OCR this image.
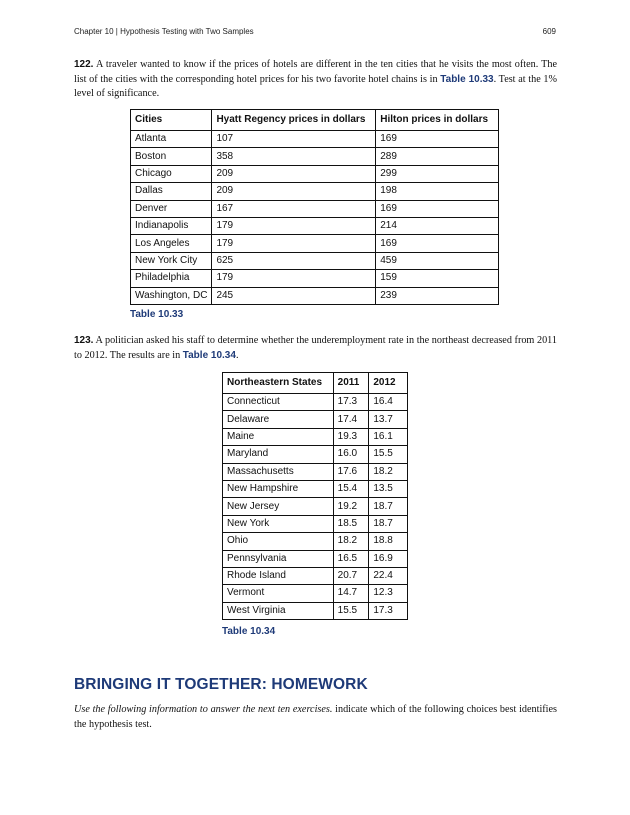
Chapter 10 | Hypothesis Testing with Two Samples	609
122. A traveler wanted to know if the prices of hotels are different in the ten cities that he visits the most often. The list of the cities with the corresponding hotel prices for his two favorite hotel chains is in Table 10.33. Test at the 1% level of significance.
Cities	Hyatt Regency prices in dollars	Hilton prices in dollars
Atlanta	107	169
Boston	358	289
Chicago	209	299
Dallas	209	198
Denver	167	169
Indianapolis	179	214
Los Angeles	179	169
New York City	625	459
Philadelphia	179	159
Washington, DC	245	239
Table 10.33
123. A politician asked his staff to determine whether the underemployment rate in the northeast decreased from 2011 to 2012. The results are in Table 10.34.
Northeastern States	2011	2012
Connecticut	17.3	16.4
Delaware	17.4	13.7
Maine	19.3	16.1
Maryland	16.0	15.5
Massachusetts	17.6	18.2
New Hampshire	15.4	13.5
New Jersey	19.2	18.7
New York	18.5	18.7
Ohio	18.2	18.8
Pennsylvania	16.5	16.9
Rhode Island	20.7	22.4
Vermont	14.7	12.3
West Virginia	15.5	17.3
Table 10.34
BRINGING IT TOGETHER: HOMEWORK
Use the following information to answer the next ten exercises. indicate which of the following choices best identifies the hypothesis test.
